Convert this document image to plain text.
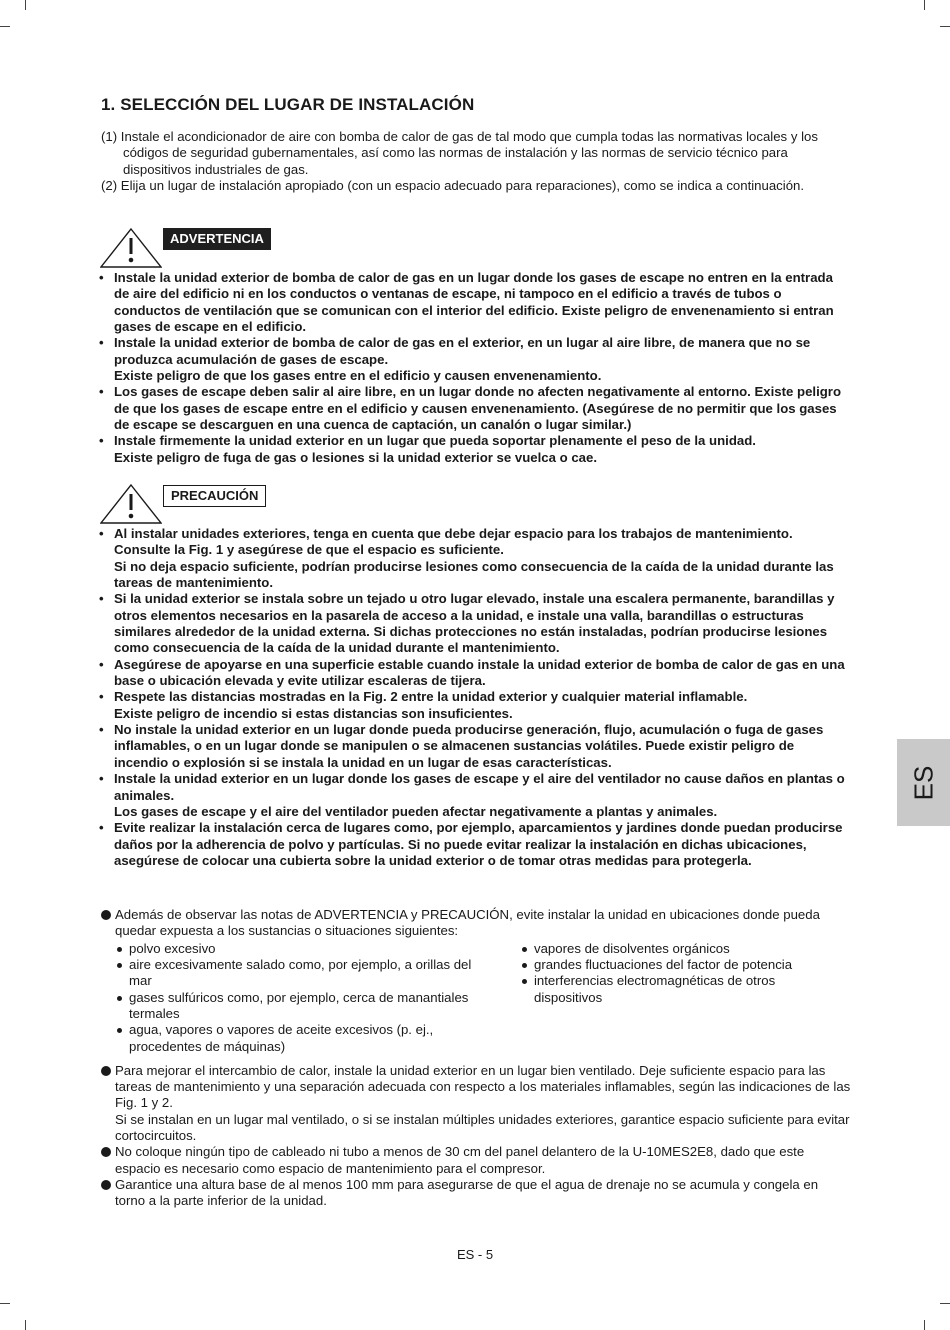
1. SELECCIÓN DEL LUGAR DE INSTALACIÓN
(1) Instale el acondicionador de aire con bomba de calor de gas de tal modo que cumpla todas las normativas locales y los códigos de seguridad gubernamentales, así como las normas de instalación y las normas de servicio técnico para dispositivos industriales de gas.
(2) Elija un lugar de instalación apropiado (con un espacio adecuado para reparaciones), como se indica a continuación.
ADVERTENCIA
• Instale la unidad exterior de bomba de calor de gas en un lugar donde los gases de escape no entren en la entrada de aire del edificio ni en los conductos o ventanas de escape, ni tampoco en el edificio a través de tubos o conductos de ventilación que se comunican con el interior del edificio. Existe peligro de envenenamiento si entran gases de escape en el edificio.
• Instale la unidad exterior de bomba de calor de gas en el exterior, en un lugar al aire libre, de manera que no se produzca acumulación de gases de escape.
Existe peligro de que los gases entre en el edificio y causen envenenamiento.
• Los gases de escape deben salir al aire libre, en un lugar donde no afecten negativamente al entorno. Existe peligro de que los gases de escape entre en el edificio y causen envenenamiento. (Asegúrese de no permitir que los gases de escape se descarguen en una cuenca de captación, un canalón o lugar similar.)
• Instale firmemente la unidad exterior en un lugar que pueda soportar plenamente el peso de la unidad.
Existe peligro de fuga de gas o lesiones si la unidad exterior se vuelca o cae.
PRECAUCIÓN
• Al instalar unidades exteriores, tenga en cuenta que debe dejar espacio para los trabajos de mantenimiento. Consulte la Fig. 1 y asegúrese de que el espacio es suficiente.
Si no deja espacio suficiente, podrían producirse lesiones como consecuencia de la caída de la unidad durante las tareas de mantenimiento.
• Si la unidad exterior se instala sobre un tejado u otro lugar elevado, instale una escalera permanente, barandillas y otros elementos necesarios en la pasarela de acceso a la unidad, e instale una valla, barandillas o estructuras similares alrededor de la unidad externa. Si dichas protecciones no están instaladas, podrían producirse lesiones como consecuencia de la caída de la unidad durante el mantenimiento.
• Asegúrese de apoyarse en una superficie estable cuando instale la unidad exterior de bomba de calor de gas en una base o ubicación elevada y evite utilizar escaleras de tijera.
• Respete las distancias mostradas en la Fig. 2 entre la unidad exterior y cualquier material inflamable.
Existe peligro de incendio si estas distancias son insuficientes.
• No instale la unidad exterior en un lugar donde pueda producirse generación, flujo, acumulación o fuga de gases inflamables, o en un lugar donde se manipulen o se almacenen sustancias volátiles. Puede existir peligro de incendio o explosión si se instala la unidad en un lugar de esas características.
• Instale la unidad exterior en un lugar donde los gases de escape y el aire del ventilador no cause daños en plantas o animales.
Los gases de escape y el aire del ventilador pueden afectar negativamente a plantas y animales.
• Evite realizar la instalación cerca de lugares como, por ejemplo, aparcamientos y jardines donde puedan producirse daños por la adherencia de polvo y partículas. Si no puede evitar realizar la instalación en dichas ubicaciones, asegúrese de colocar una cubierta sobre la unidad exterior o de tomar otras medidas para protegerla.
Además de observar las notas de ADVERTENCIA y PRECAUCIÓN, evite instalar la unidad en ubicaciones donde pueda quedar expuesta a los sustancias o situaciones siguientes:
polvo excesivo
aire excesivamente salado como, por ejemplo, a orillas del mar
gases sulfúricos como, por ejemplo, cerca de manantiales termales
agua, vapores o vapores de aceite excesivos (p. ej., procedentes de máquinas)
vapores de disolventes orgánicos
grandes fluctuaciones del factor de potencia
interferencias electromagnéticas de otros dispositivos
Para mejorar el intercambio de calor, instale la unidad exterior en un lugar bien ventilado. Deje suficiente espacio para las tareas de mantenimiento y una separación adecuada con respecto a los materiales inflamables, según las indicaciones de las Fig. 1 y 2.
Si se instalan en un lugar mal ventilado, o si se instalan múltiples unidades exteriores, garantice espacio suficiente para evitar cortocircuitos.
No coloque ningún tipo de cableado ni tubo a menos de 30 cm del panel delantero de la U-10MES2E8, dado que este espacio es necesario como espacio de mantenimiento para el compresor.
Garantice una altura base de al menos 100 mm para asegurarse de que el agua de drenaje no se acumula y congela en torno a la parte inferior de la unidad.
ES
ES - 5
